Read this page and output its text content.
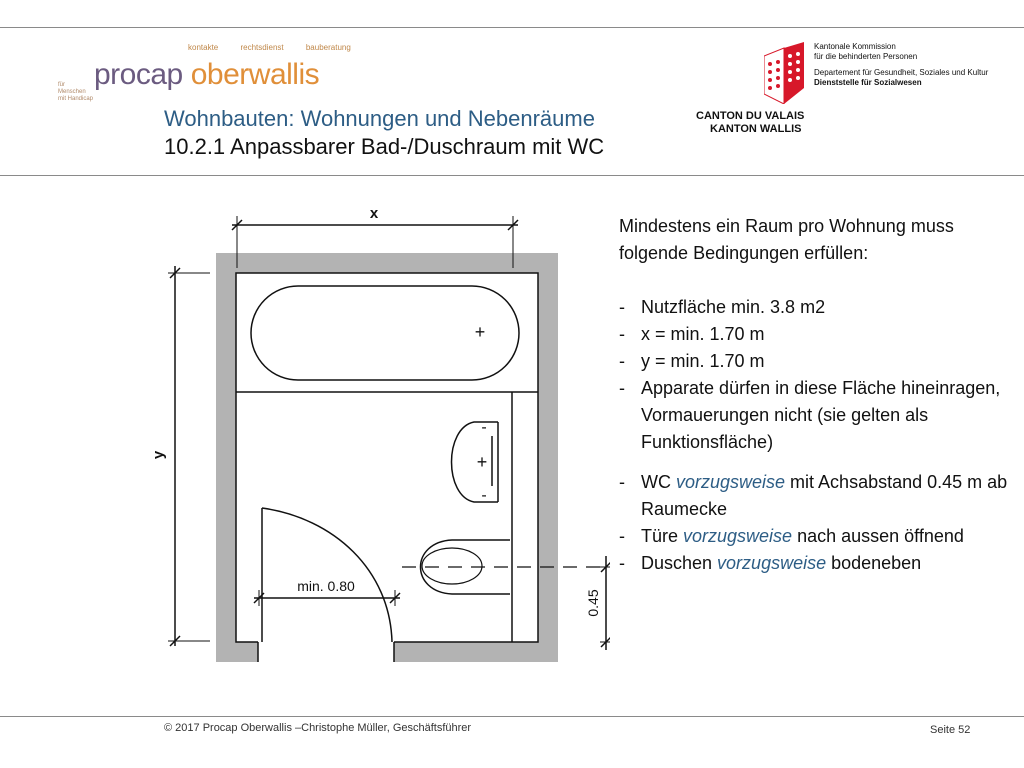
kontakte	rechtsdienst	bauberatung
für Menschen mit Handicap
procap oberwallis
Wohnbauten: Wohnungen und Nebenräume
10.2.1 Anpassbarer Bad-/Duschraum mit WC
Kantonale Kommission
für die behinderten Personen
Departement für Gesundheit, Soziales und Kultur
Dienststelle für Sozialwesen
CANTON DU VALAIS
KANTON WALLIS
+
-
+
-
x
y
min. 0.80
0.45
Mindestens ein Raum pro Wohnung muss folgende Bedingungen erfüllen:
- Nutzfläche min. 3.8 m2
- x = min. 1.70 m
- y = min. 1.70 m
- Apparate dürfen in diese Fläche hineinragen, Vormauerungen nicht (sie gelten als Funktionsfläche)
- WC vorzugsweise mit Achsabstand 0.45 m ab Raumecke
- Türe vorzugsweise nach aussen öffnend
- Duschen vorzugsweise bodeneben
© 2017 Procap Oberwallis –Christophe Müller, Geschäftsführer	Seite 52
